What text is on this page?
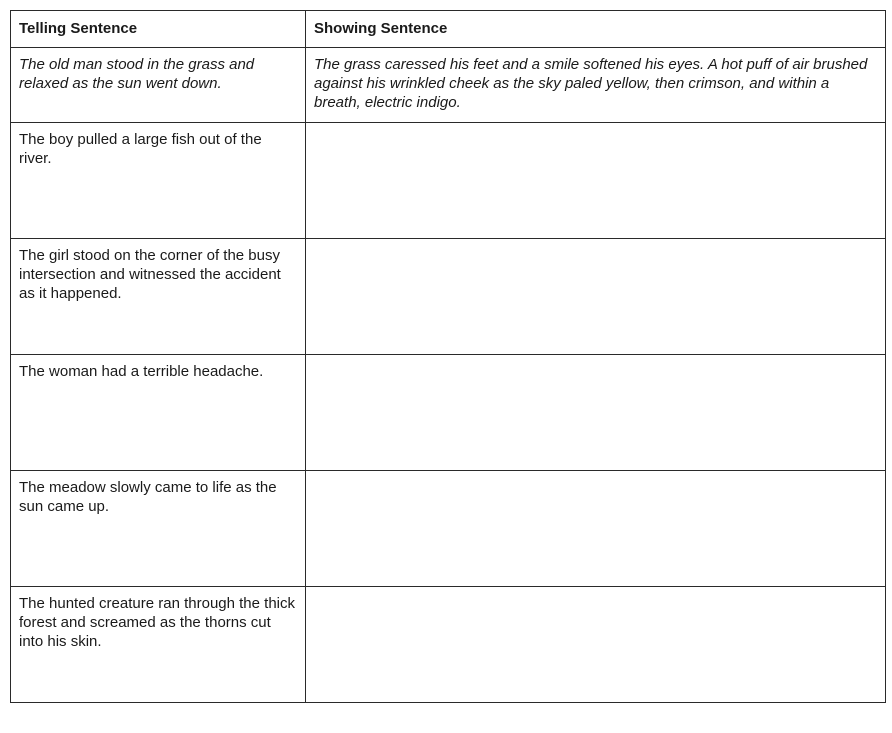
Telling Sentence	Showing Sentence
The old man stood in the grass and relaxed as the sun went down.	The grass caressed his feet and a smile softened his eyes. A hot puff of air brushed against his wrinkled cheek as the sky paled yellow, then crimson, and within a breath, electric indigo.
The boy pulled a large fish out of the river.	
The girl stood on the corner of the busy intersection and witnessed the accident as it happened.	
The woman had a terrible headache.	
The meadow slowly came to life as the sun came up.	
The hunted creature ran through the thick forest and screamed as the thorns cut into his skin.	
